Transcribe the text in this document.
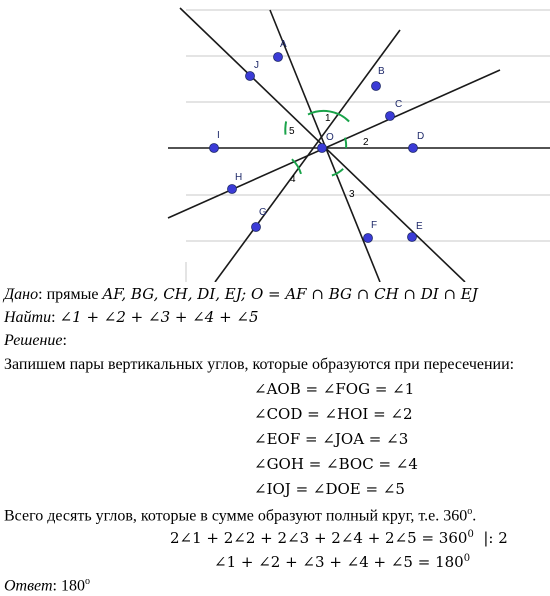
A
B
C
D
E
F
G
H
I
J
O
1
2
3
4
5
Дано: прямые AF, BG, CH, DI, EJ; O = AF ∩ BG ∩ CH ∩ DI ∩ EJ
Найти: ∠1 + ∠2 + ∠3 + ∠4 + ∠5
Решение:
Запишем пары вертикальных углов, которые образуются при пересечении:
∠AOB = ∠FOG = ∠1
∠COD = ∠HOI = ∠2
∠EOF = ∠JOA = ∠3
∠GOH = ∠BOC = ∠4
∠IOJ = ∠DOE = ∠5
Всего десять углов, которые в сумме образуют полный круг, т.е. 360$^o$.
2∠1 + 2∠2 + 2∠3 + 2∠4 + 2∠5 = $360^0$  |: 2
∠1 + ∠2 + ∠3 + ∠4 + ∠5 = $180^0$
Ответ: 180$^o$
